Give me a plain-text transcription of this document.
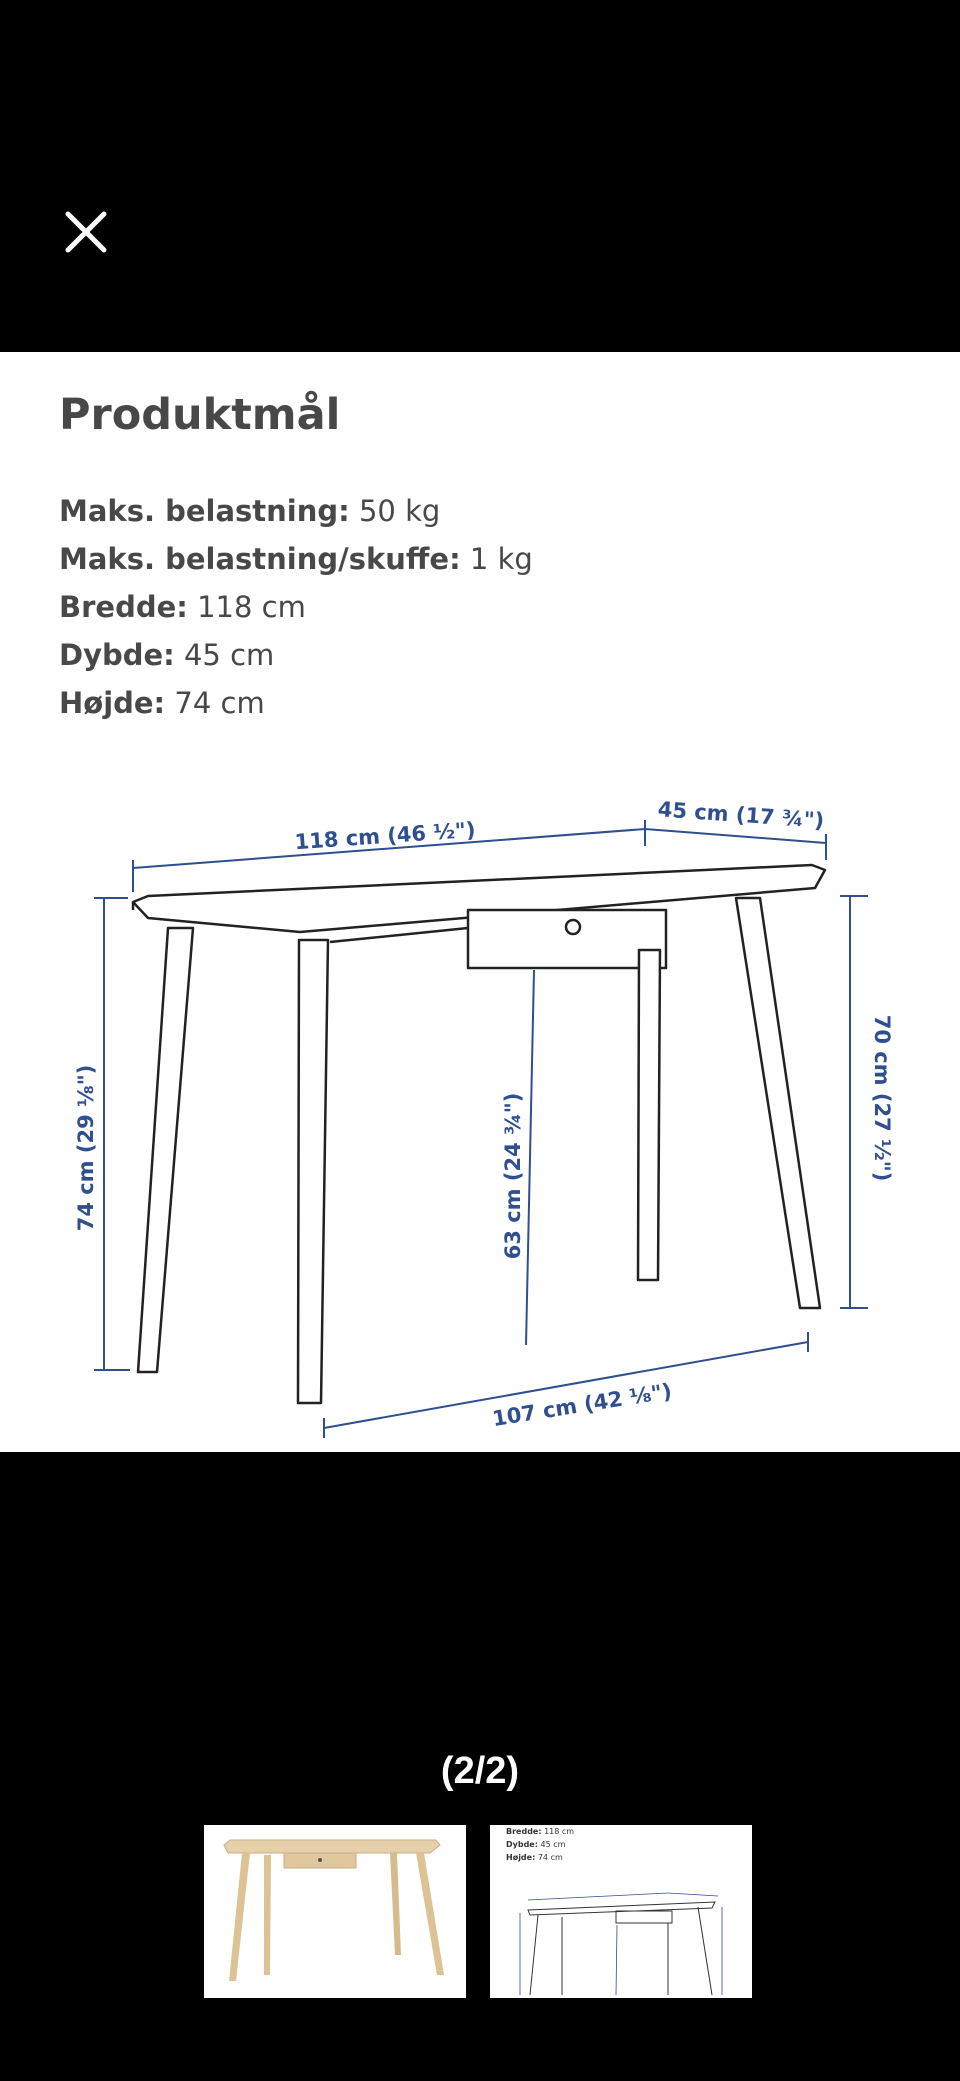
Produktmål
Maks. belastning: 50 kg
Maks. belastning/skuffe: 1 kg
Bredde: 118 cm
Dybde: 45 cm
Højde: 74 cm
118 cm (46 ½")
45 cm (17 ¾")
74 cm (29 ⅛")	63 cm (24 ¾")	70 cm (27 ½")
107 cm (42 ⅛")
(2/2)
Bredde: 118 cm
Dybde: 45 cm
Højde: 74 cm
